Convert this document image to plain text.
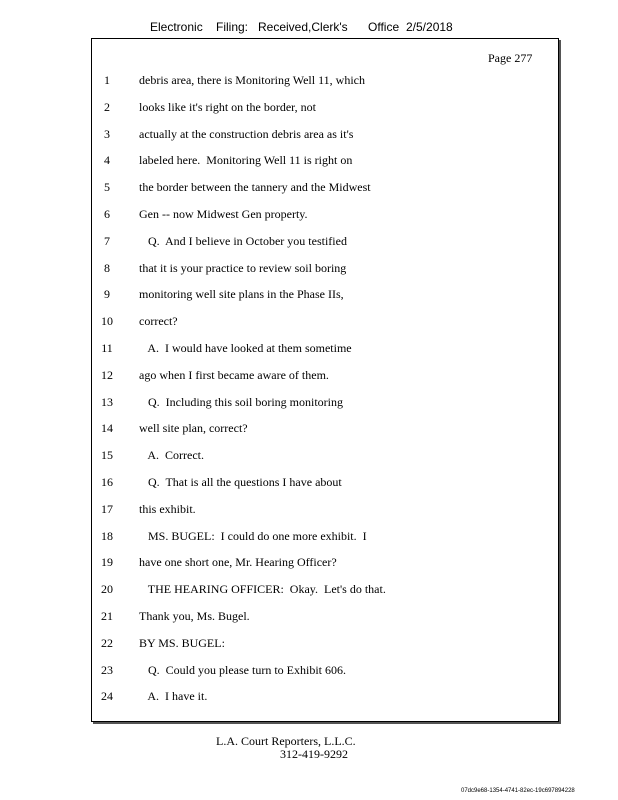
Electronic Filing: Received,Clerk's Office 2/5/2018
Page 277
1	debris area, there is Monitoring Well 11, which
2	looks like it's right on the border, not
3	actually at the construction debris area as it's
4	labeled here.  Monitoring Well 11 is right on
5	the border between the tannery and the Midwest
6	Gen -- now Midwest Gen property.
7	Q.  And I believe in October you testified
8	that it is your practice to review soil boring
9	monitoring well site plans in the Phase IIs,
10	correct?
11	A.  I would have looked at them sometime
12	ago when I first became aware of them.
13	Q.  Including this soil boring monitoring
14	well site plan, correct?
15	A.  Correct.
16	Q.  That is all the questions I have about
17	this exhibit.
18	MS. BUGEL:  I could do one more exhibit.  I
19	have one short one, Mr. Hearing Officer?
20	THE HEARING OFFICER:  Okay.  Let's do that.
21	Thank you, Ms. Bugel.
22	BY MS. BUGEL:
23	Q.  Could you please turn to Exhibit 606.
24	A.  I have it.
L.A. Court Reporters, L.L.C.
312-419-9292
07dc9e68-1354-4741-82ec-19c697894228
